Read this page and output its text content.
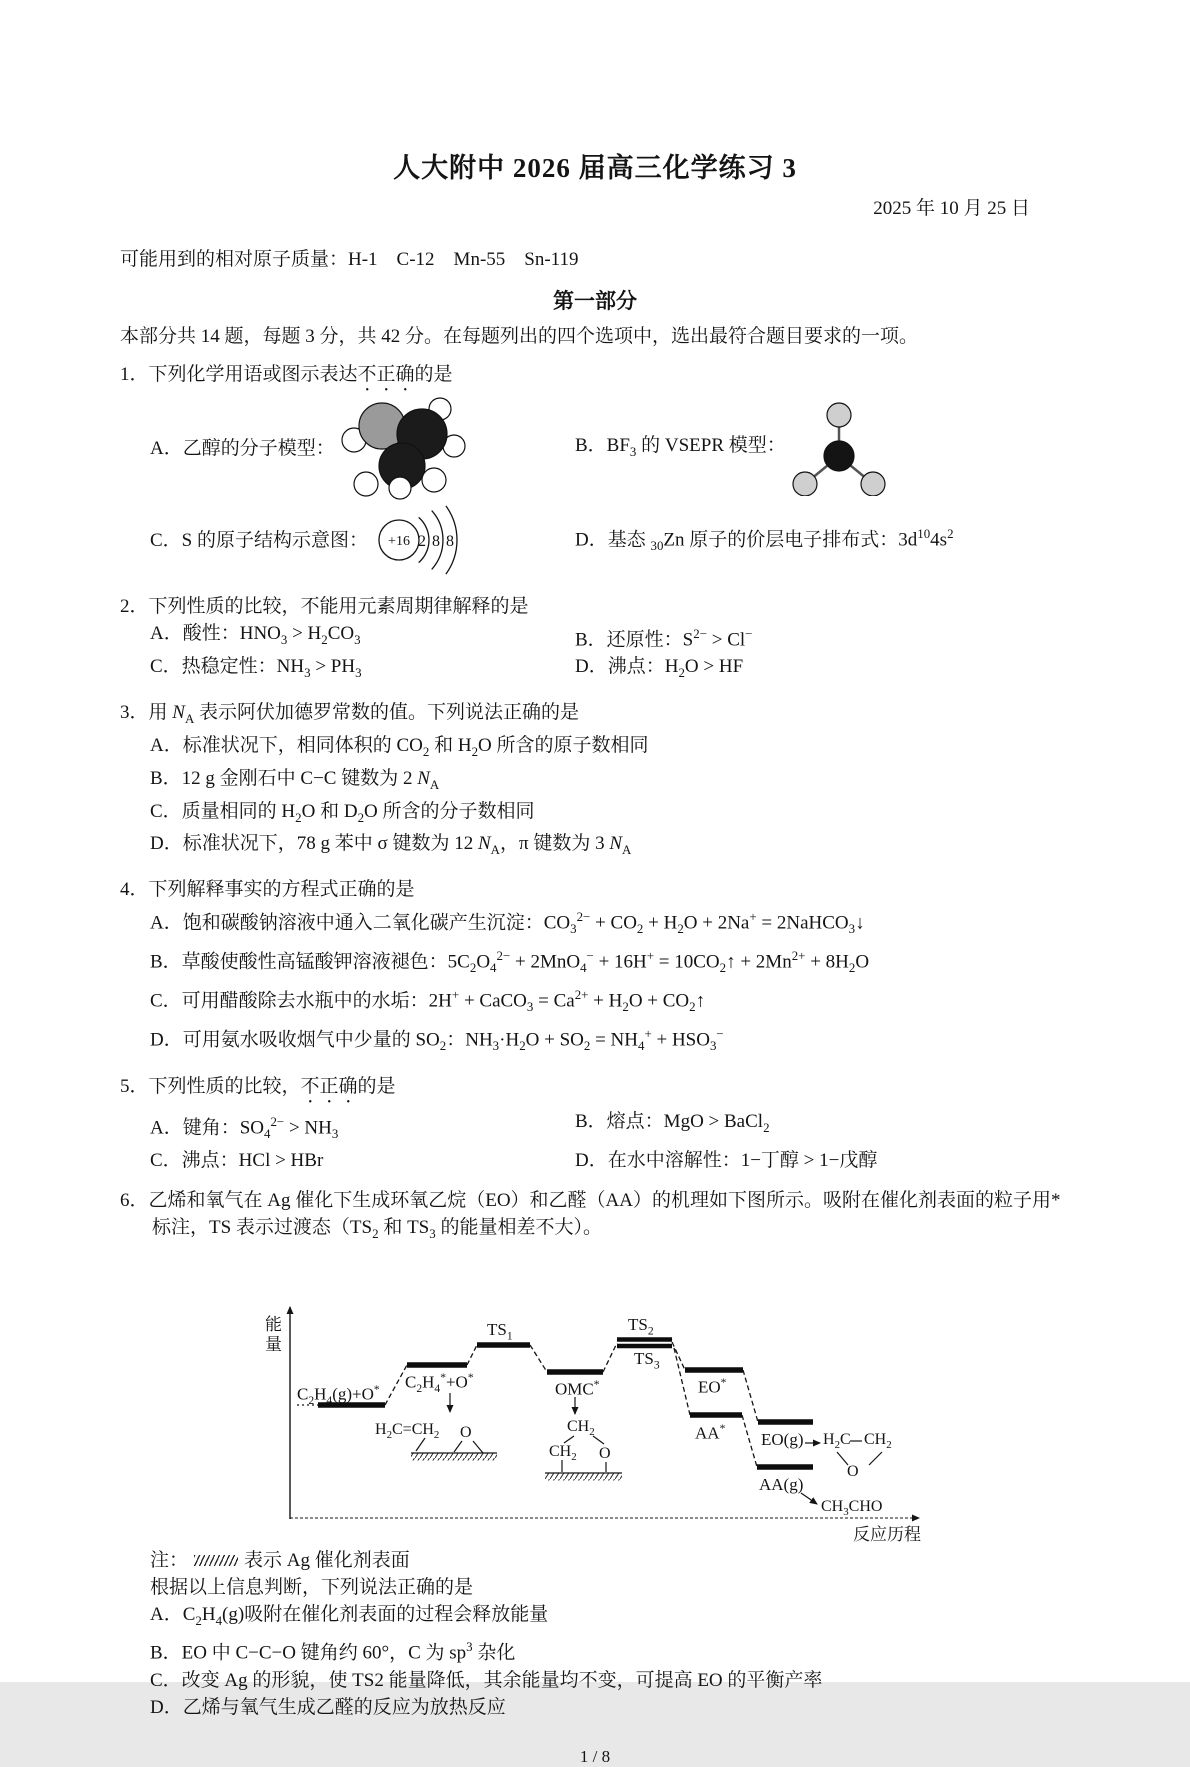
人大附中 2026 届高三化学练习 3
2025 年 10 月 25 日
可能用到的相对原子质量：H-1　C-12　Mn-55　Sn-119
第一部分
本部分共 14 题，每题 3 分，共 42 分。在每题列出的四个选项中，选出最符合题目要求的一项。
1．下列化学用语或图示表达不正确的是
A．乙醇的分子模型：	B．$BF_3$ 的 VSEPR 模型：
C．S 的原子结构示意图： +16 2 8 8	D．基态 $_{30}$Zn 原子的价层电子排布式：$3d^{10}4s^2$
2．下列性质的比较，不能用元素周期律解释的是
A．酸性：$HNO_3 > H_2CO_3$	B．还原性：$S^{2-} > Cl^-$
C．热稳定性：$NH_3 > PH_3$	D．沸点：$H_2O$ > HF
3．用 $N_A$ 表示阿伏加德罗常数的值。下列说法正确的是
A．标准状况下，相同体积的 $CO_2$ 和 $H_2O$ 所含的原子数相同
B．12 g 金刚石中 C−C 键数为 2 $N_A$
C．质量相同的 $H_2O$ 和 $D_2O$ 所含的分子数相同
D．标准状况下，78 g 苯中 σ 键数为 12 $N_A$，π 键数为 3 $N_A$
4．下列解释事实的方程式正确的是
A．饱和碳酸钠溶液中通入二氧化碳产生沉淀：$CO_3^{2-} + CO_2 + H_2O + 2Na^+$ = 2NaHCO$_3$↓
B．草酸使酸性高锰酸钾溶液褪色：$5C_2O_4^{2-} + 2MnO_4^- + 16H^+$ = $10CO_2↑ + 2Mn^{2+} + 8H_2O$
C．可用醋酸除去水瓶中的水垢：2H+ + CaCO$_3$ = $Ca^{2+} + H_2O$ + $CO_2↑$
D．可用氨水吸收烟气中少量的 $SO_2$：$NH_3\cdot H_2O + SO_2 = NH_4^+ + HSO_3^-$
5．下列性质的比较，不正确的是
A．键角：$SO_4^{2-} > NH_3$
B．熔点：MgO > BaCl$_2$
C．沸点：HCl > HBr	D．在水中溶解性：1−丁醇 > 1−戊醇
6．乙烯和氧气在 Ag 催化下生成环氧乙烷（EO）和乙醛（AA）的机理如下图所示。吸附在催化剂表面的粒子用*标注，TS 表示过渡态（$TS_2$ 和 $TS_3$ 的能量相差不大）。
能量
反应历程
$C_2H_4(g)+O^*$ $C_2H_4^*+O^*$
$TS_1$
OMC*
$TS_2$
$TS_3$
EO*
AA*
EO(g)
AA(g)
$H_2C=CH_2$ O	$CH_2$
$CH_2$ O
$H_2C$ $CH_2$
O
$CH_3CHO$
注：	表示 Ag 催化剂表面
根据以上信息判断，下列说法正确的是
A．$C_2H_4(g)$吸附在催化剂表面的过程会释放能量
B．EO 中 C−C−O 键角约 60°，C 为 $sp^3$ 杂化
C．改变 Ag 的形貌，使 TS2 能量降低，其余能量均不变，可提高 EO 的平衡产率
D．乙烯与氧气生成乙醛的反应为放热反应
1 / 8
